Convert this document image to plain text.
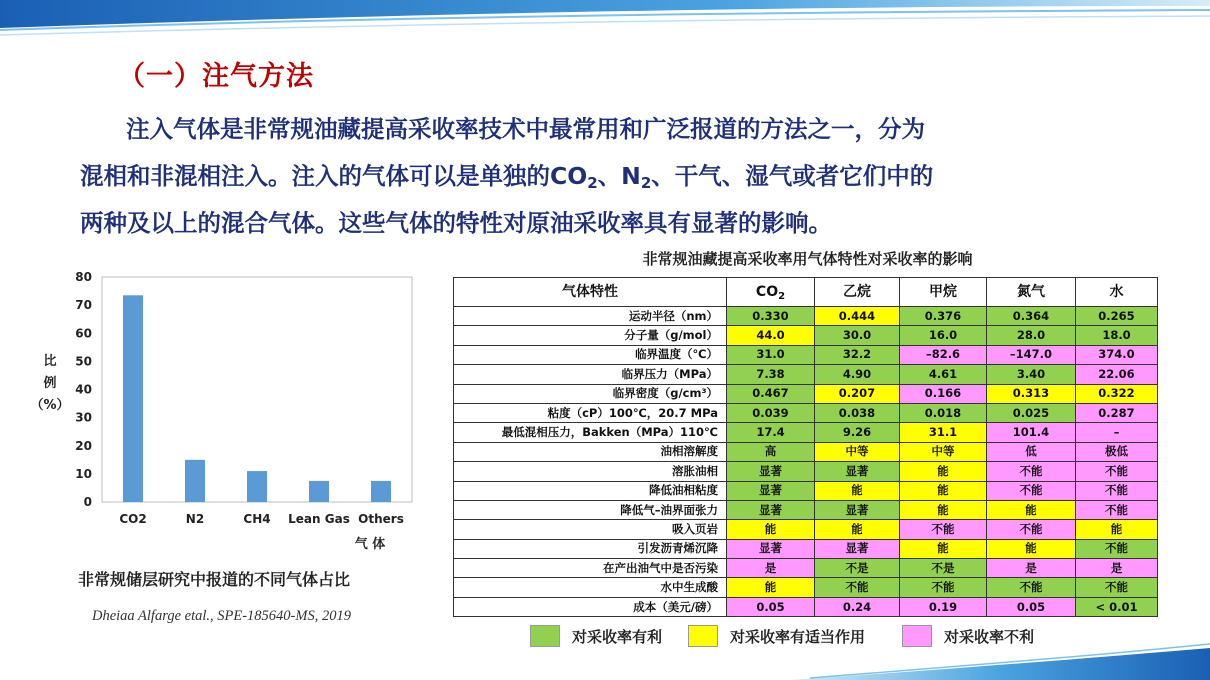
（一）注气方法
注入气体是非常规油藏提高采收率技术中最常用和广泛报道的方法之一，分为
混相和非混相注入。注入的气体可以是单独的$CO_2$、$N_2$、干气、湿气或者它们中的
两种及以上的混合气体。这些气体的特性对原油采收率具有显著的影响。
0
10
20
30
40
50
60
70
80
CO2	N2	CH4 Lean Gas Others
比
例
（%）
气 体
非常规储层研究中报道的不同气体占比
Dheiaa Alfarge etal., SPE-185640-MS, 2019
非常规油藏提高采收率用气体特性对采收率的影响
气体特性	$CO_2$	乙烷	甲烷	氮气	水
运动半径（nm）	0.330	0.444	0.376	0.364	0.265
分子量（g/mol）	44.0	30.0	16.0	28.0	18.0
临界温度（℃）	31.0	32.2	–82.6	–147.0	374.0
临界压力（MPa）	7.38	4.90	4.61	3.40	22.06
临界密度（g/cm³）	0.467	0.207	0.166	0.313	0.322
粘度（cP）100℃，20.7 MPa	0.039	0.038	0.018	0.025	0.287
最低混相压力，Bakken（MPa）110℃	17.4	9.26	31.1	101.4	–
油相溶解度	高	中等	中等	低	极低
溶胀油相	显著	显著	能	不能	不能
降低油相粘度	显著	能	能	不能	不能
降低气–油界面张力	显著	显著	能	能	不能
吸入页岩	能	能	不能	不能	能
引发沥青烯沉降	显著	显著	能	能	不能
在产出油气中是否污染	是	不是	不是	是	是
水中生成酸	能	不能	不能	不能	不能
成本（美元/磅）	0.05	0.24	0.19	0.05	< 0.01
对采收率有利	对采收率有适当作用	对采收率不利
